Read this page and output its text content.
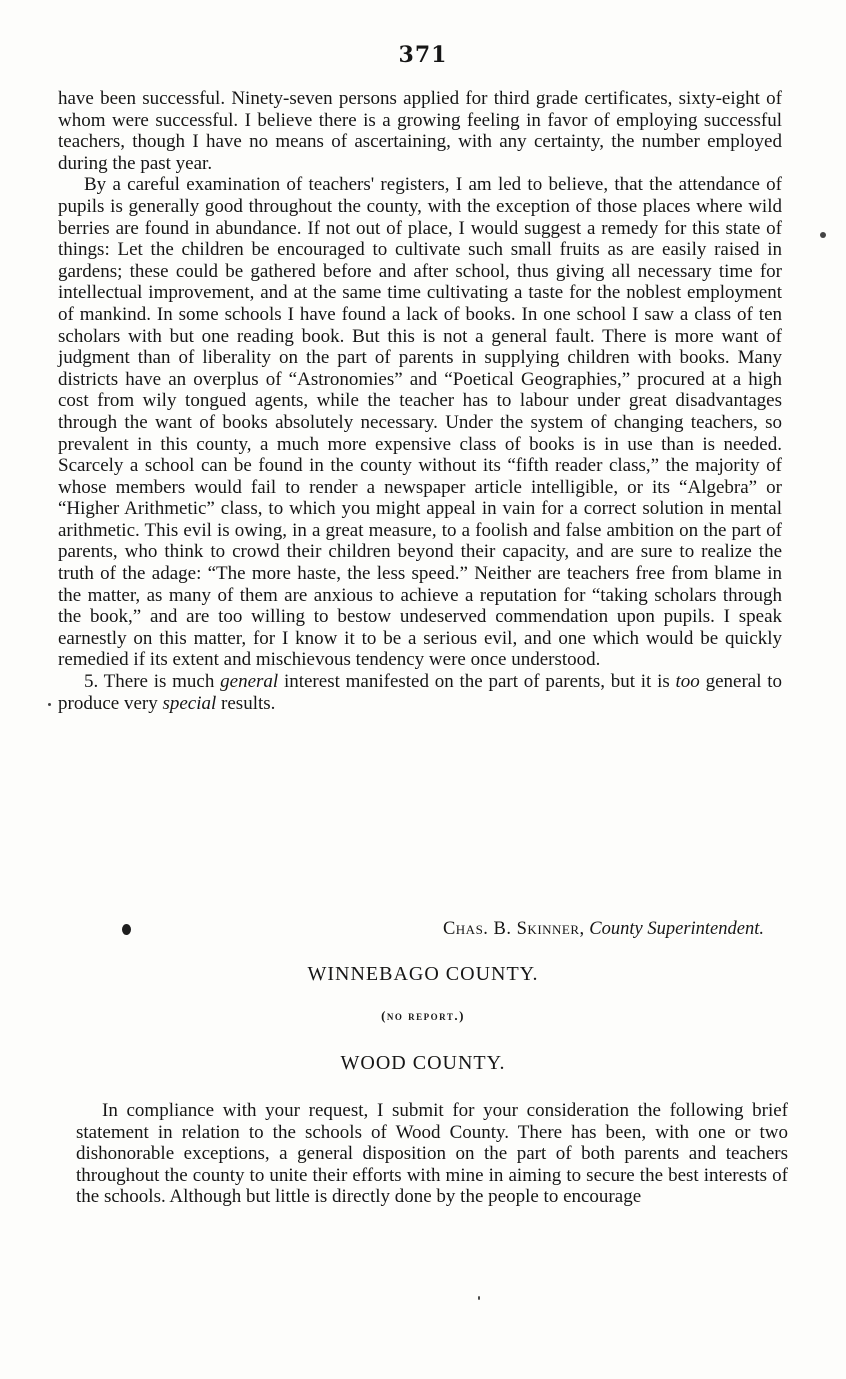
371

have been successful. Ninety-seven persons applied for third grade certificates, sixty-eight of whom were successful. I believe there is a growing feeling in favor of employing successful teachers, though I have no means of ascertaining, with any certainty, the number employed during the past year.

By a careful examination of teachers' registers, I am led to believe, that the attendance of pupils is generally good throughout the county, with the exception of those places where wild berries are found in abundance. If not out of place, I would suggest a remedy for this state of things: Let the children be encouraged to cultivate such small fruits as are easily raised in gardens; these could be gathered before and after school, thus giving all necessary time for intellectual improvement, and at the same time cultivating a taste for the noblest employment of mankind. In some schools I have found a lack of books. In one school I saw a class of ten scholars with but one reading book. But this is not a general fault. There is more want of judgment than of liberality on the part of parents in supplying children with books. Many districts have an overplus of “Astronomies” and “Poetical Geographies,” procured at a high cost from wily tongued agents, while the teacher has to labour under great disadvantages through the want of books absolutely necessary. Under the system of changing teachers, so prevalent in this county, a much more expensive class of books is in use than is needed. Scarcely a school can be found in the county without its “fifth reader class,” the majority of whose members would fail to render a newspaper article intelligible, or its “Algebra” or “Higher Arithmetic” class, to which you might appeal in vain for a correct solution in mental arithmetic. This evil is owing, in a great measure, to a foolish and false ambition on the part of parents, who think to crowd their children beyond their capacity, and are sure to realize the truth of the adage: “The more haste, the less speed.” Neither are teachers free from blame in the matter, as many of them are anxious to achieve a reputation for “taking scholars through the book,” and are too willing to bestow undeserved commendation upon pupils. I speak earnestly on this matter, for I know it to be a serious evil, and one which would be quickly remedied if its extent and mischievous tendency were once understood.

5. There is much general interest manifested on the part of parents, but it is too general to produce very special results.

Chas. B. Skinner, County Superintendent.
WINNEBAGO COUNTY.
(no report.)
WOOD COUNTY.

In compliance with your request, I submit for your consideration the following brief statement in relation to the schools of Wood County. There has been, with one or two dishonorable exceptions, a general disposition on the part of both parents and teachers throughout the county to unite their efforts with mine in aiming to secure the best interests of the schools. Although but little is directly done by the people to encourage
